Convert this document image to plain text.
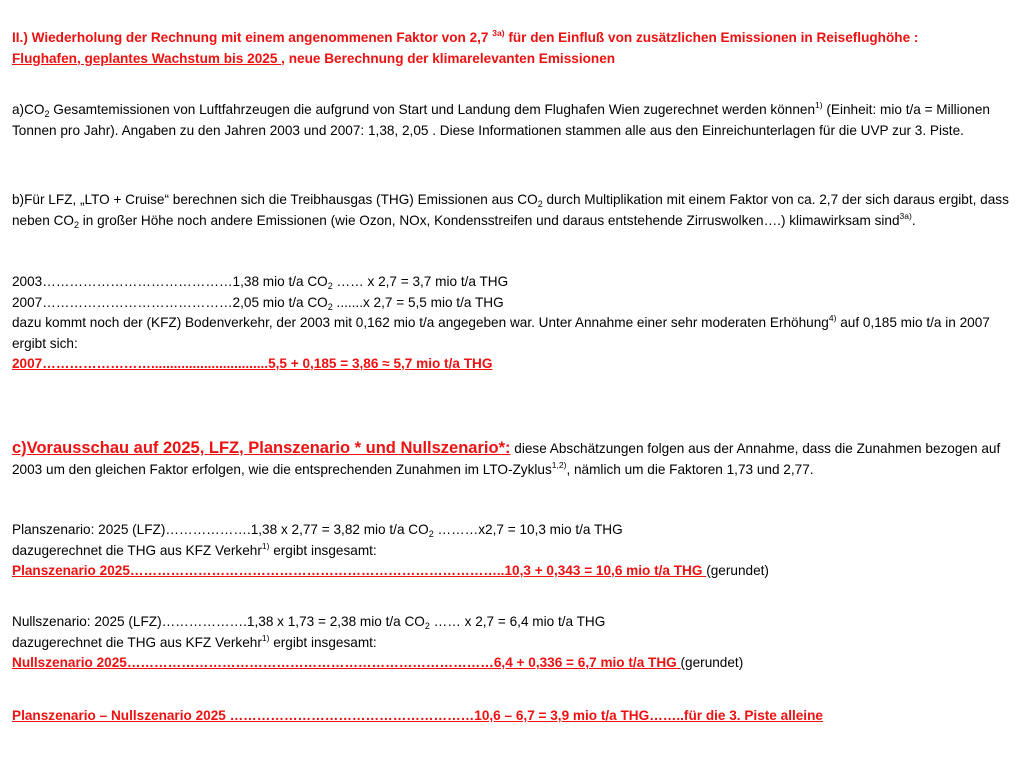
II.) Wiederholung der Rechnung mit einem angenommenen Faktor von 2,7 $^{3a)}$ für den Einfluß von zusätzlichen Emissionen in Reiseflughöhe :
Flughafen, geplantes Wachstum bis 2025 , neue Berechnung der klimarelevanten Emissionen
$a)CO_2$ Gesamtemissionen von Luftfahrzeugen die aufgrund von Start und Landung dem Flughafen Wien zugerechnet werden können$^{1)}$ (Einheit: mio t/a = Millionen Tonnen pro Jahr). Angaben zu den Jahren 2003 und 2007: 1,38, 2,05 . Diese Informationen stammen alle aus den Einreichunterlagen für die UVP zur 3. Piste.
b)Für LFZ, „LTO + Cruise“ berechnen sich die Treibhausgas (THG) Emissionen aus $CO_2$ durch Multiplikation mit einem Faktor von ca. 2,7 der sich daraus ergibt, dass neben $CO_2$ in großer Höhe noch andere Emissionen (wie Ozon, NOx, Kondensstreifen und daraus entstehende Zirruswolken….) klimawirksam sind$^{3a)}$.
2003……………………………………1,38 mio t/a $CO_2$ …… x 2,7 = 3,7 mio t/a THG
2007……………………………………2,05 mio t/a $CO_2$ .......x 2,7 = 5,5 mio t/a THG
dazu kommt noch der (KFZ) Bodenverkehr, der 2003 mit 0,162 mio t/a angegeben war. Unter Annahme einer sehr moderaten Erhöhung$^{4)}$ auf 0,185 mio t/a in 2007 ergibt sich:
2007……………………...............................5,5 + 0,185 = 3,86 ≈ 5,7 mio t/a THG
c)Vorausschau auf 2025, LFZ, Planszenario * und Nullszenario*: diese Abschätzungen folgen aus der Annahme, dass die Zunahmen bezogen auf 2003 um den gleichen Faktor erfolgen, wie die entsprechenden Zunahmen im LTO-Zyklus$^{1,2)}$, nämlich um die Faktoren 1,73 und 2,77.
Planszenario: 2025 (LFZ)……………….1,38 x 2,77 = 3,82 mio t/a $CO_2$ ………x2,7 = 10,3 mio t/a THG
dazugerechnet die THG aus KFZ Verkehr$^{1)}$ ergibt insgesamt:
Planszenario 2025………………………………………………………………………..10,3 + 0,343 = 10,6 mio t/a THG (gerundet)
Nullszenario: 2025 (LFZ)……………….1,38 x 1,73 = 2,38 mio t/a $CO_2$ …… x 2,7 = 6,4 mio t/a THG
dazugerechnet die THG aus KFZ Verkehr$^{1)}$ ergibt insgesamt:
Nullszenario 2025………………………………………………………………………6,4 + 0,336 = 6,7 mio t/a THG (gerundet)
Planszenario – Nullszenario 2025 ………………………………………………10,6 – 6,7 = 3,9 mio t/a THG……..für die 3. Piste alleine
